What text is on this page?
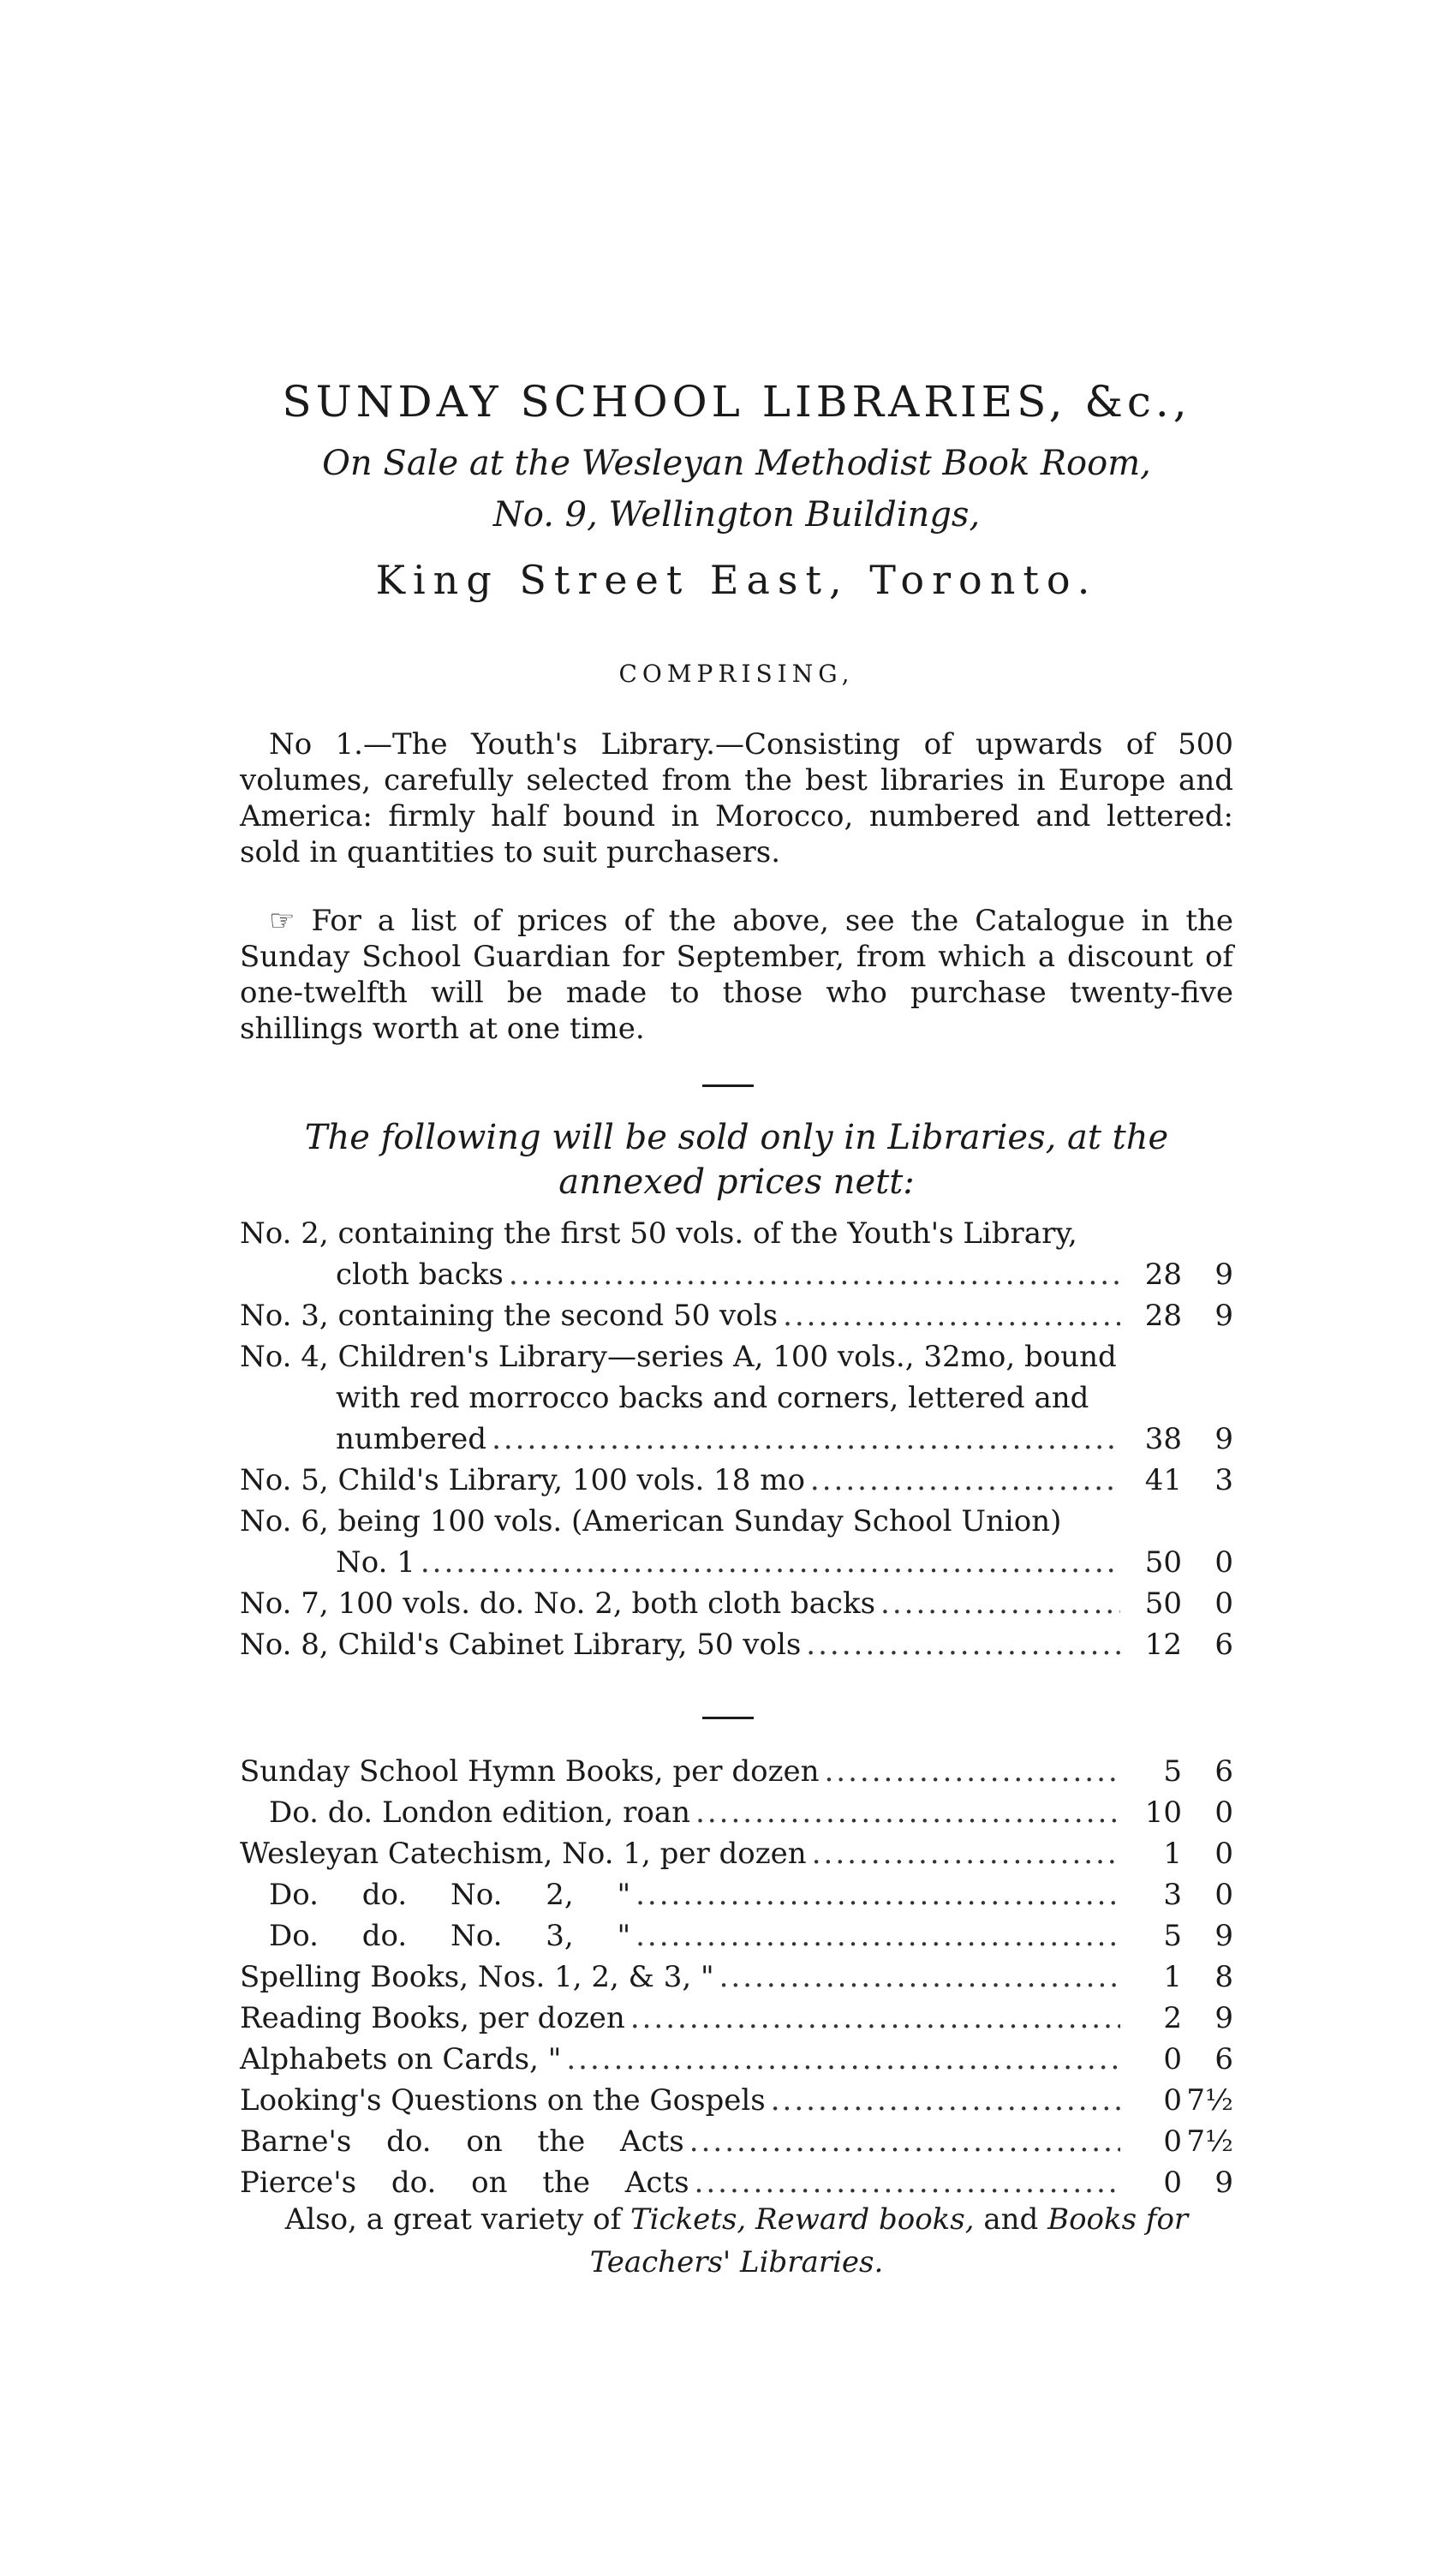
SUNDAY SCHOOL LIBRARIES, &c.,
On Sale at the Wesleyan Methodist Book Room,
No. 9, Wellington Buildings,
King Street East, Toronto.
COMPRISING,
No 1.—The Youth's Library.—Consisting of upwards of 500 volumes, carefully selected from the best libraries in Europe and America: firmly half bound in Morocco, numbered and lettered: sold in quantities to suit purchasers.
☞ For a list of prices of the above, see the Catalogue in the Sunday School Guardian for September, from which a discount of one-twelfth will be made to those who purchase twenty-five shillings worth at one time.
The following will be sold only in Libraries, at the annexed prices nett:
No. 2, containing the first 50 vols. of the Youth's Library,
cloth backs .....	28	9
No. 3, containing the second 50 vols .....	28	9
No. 4, Children's Library—series A, 100 vols., 32mo, bound
with red morrocco backs and corners, lettered and
numbered .....	38	9
No. 5, Child's Library, 100 vols. 18 mo .....	41	3
No. 6, being 100 vols. (American Sunday School Union)
No. 1 .....	50	0
No. 7, 100 vols. do. No. 2, both cloth backs .....	50	0
No. 8, Child's Cabinet Library, 50 vols .....	12	6
Sunday School Hymn Books, per dozen .....	5	6
Do. do. London edition, roan .....	10	0
Wesleyan Catechism, No. 1, per dozen .....	1	0
Do. do. No. 2, " .....	3	0
Do. do. No. 3, " .....	5	9
Spelling Books, Nos. 1, 2, & 3, " .....	1	8
Reading Books, per dozen .....	2	9
Alphabets on Cards, " .....	0	6
Looking's Questions on the Gospels .....	0 7½
Barne's do. on the Acts .....	0 7½
Pierce's do. on the Acts .....	0	9
Also, a great variety of Tickets, Reward books, and Books for Teachers' Libraries.
